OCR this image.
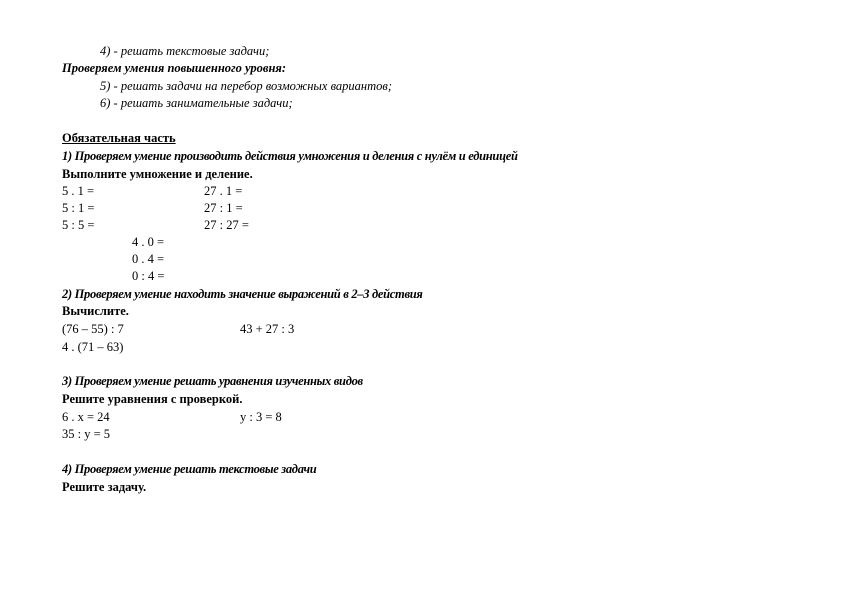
4) - решать текстовые задачи;
Проверяем умения повышенного уровня:
5) - решать задачи на перебор возможных вариантов;
6) - решать занимательные задачи;
Обязательная часть
1) Проверяем умение производить действия умножения и деления с нулём и единицей
Выполните умножение и деление.
5 . 1 =
5 : 1 =
5 : 5 =
27 . 1 =
27 : 1 =
27 : 27 =
4 . 0 =
0 . 4 =
0 : 4 =
2) Проверяем умение находить значение выражений в 2–3 действия
Вычислите.
(76 – 55) : 7	43 + 27 : 3
4 . (71 – 63)
3) Проверяем умение решать уравнения изученных видов
Решите уравнения с проверкой.
6 . x = 24	y : 3 = 8
35 : y = 5
4) Проверяем умение решать текстовые задачи
Решите задачу.
